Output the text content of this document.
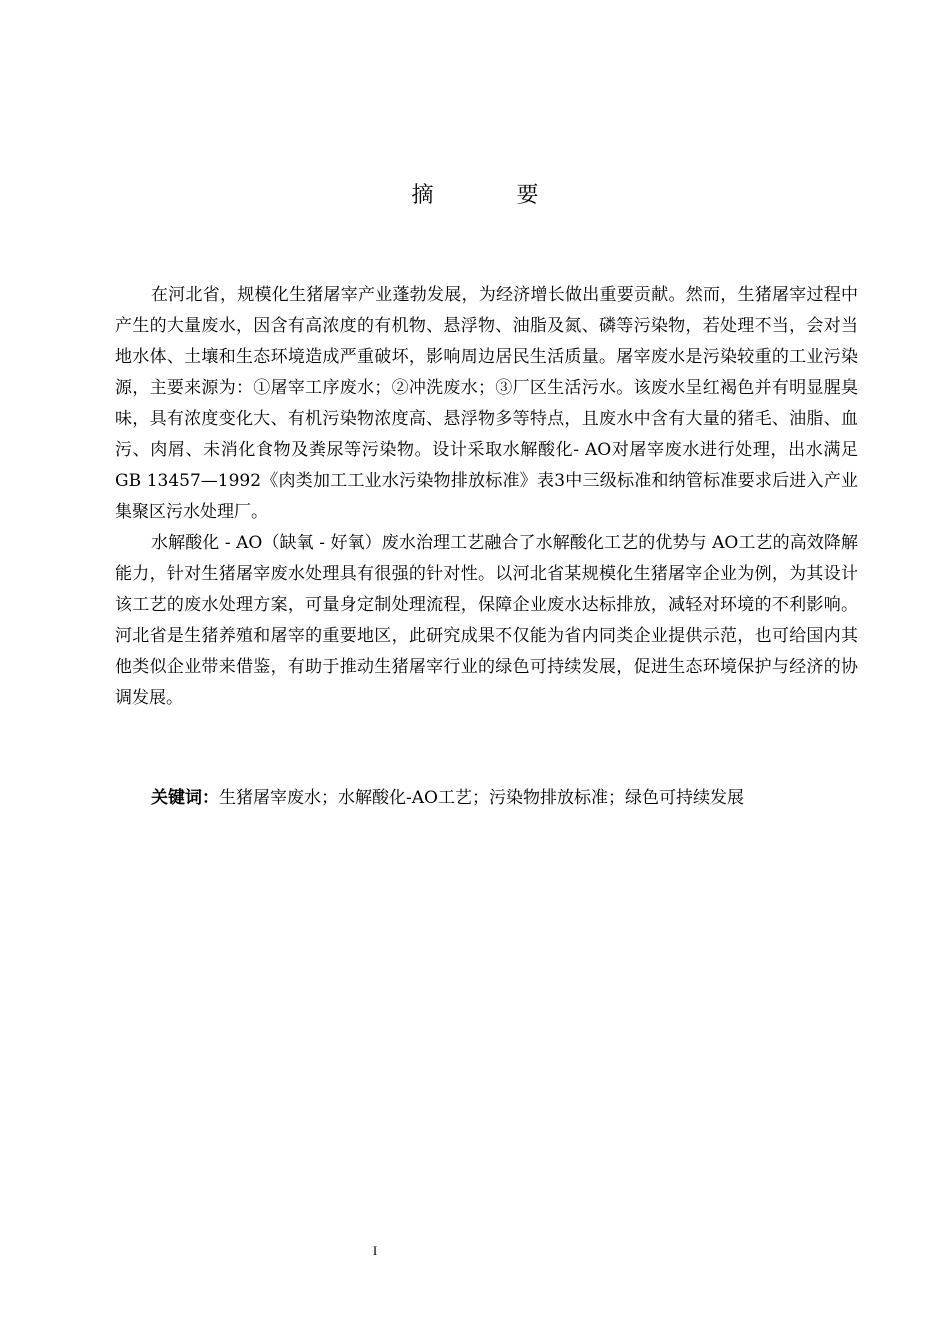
摘 要

在河北省，规模化生猪屠宰产业蓬勃发展，为经济增长做出重要贡献。然而，生猪屠宰过程中产生的大量废水，因含有高浓度的有机物、悬浮物、油脂及氮、磷等污染物，若处理不当，会对当地水体、土壤和生态环境造成严重破坏，影响周边居民生活质量。屠宰废水是污染较重的工业污染源，主要来源为：①屠宰工序废水；②冲洗废水；③厂区生活污水。该废水呈红褐色并有明显腥臭味，具有浓度变化大、有机污染物浓度高、悬浮物多等特点，且废水中含有大量的猪毛、油脂、血污、肉屑、未消化食物及粪尿等污染物。设计采取水解酸化- AO对屠宰废水进行处理，出水满足 GB 13457—1992《肉类加工工业水污染物排放标准》表3中三级标准和纳管标准要求后进入产业集聚区污水处理厂。

水解酸化 - AO（缺氧 - 好氧）废水治理工艺融合了水解酸化工艺的优势与 AO工艺的高效降解能力，针对生猪屠宰废水处理具有很强的针对性。以河北省某规模化生猪屠宰企业为例，为其设计该工艺的废水处理方案，可量身定制处理流程，保障企业废水达标排放，减轻对环境的不利影响。河北省是生猪养殖和屠宰的重要地区，此研究成果不仅能为省内同类企业提供示范，也可给国内其他类似企业带来借鉴，有助于推动生猪屠宰行业的绿色可持续发展，促进生态环境保护与经济的协调发展。

关键词：生猪屠宰废水；水解酸化-AO工艺；污染物排放标准；绿色可持续发展
I
